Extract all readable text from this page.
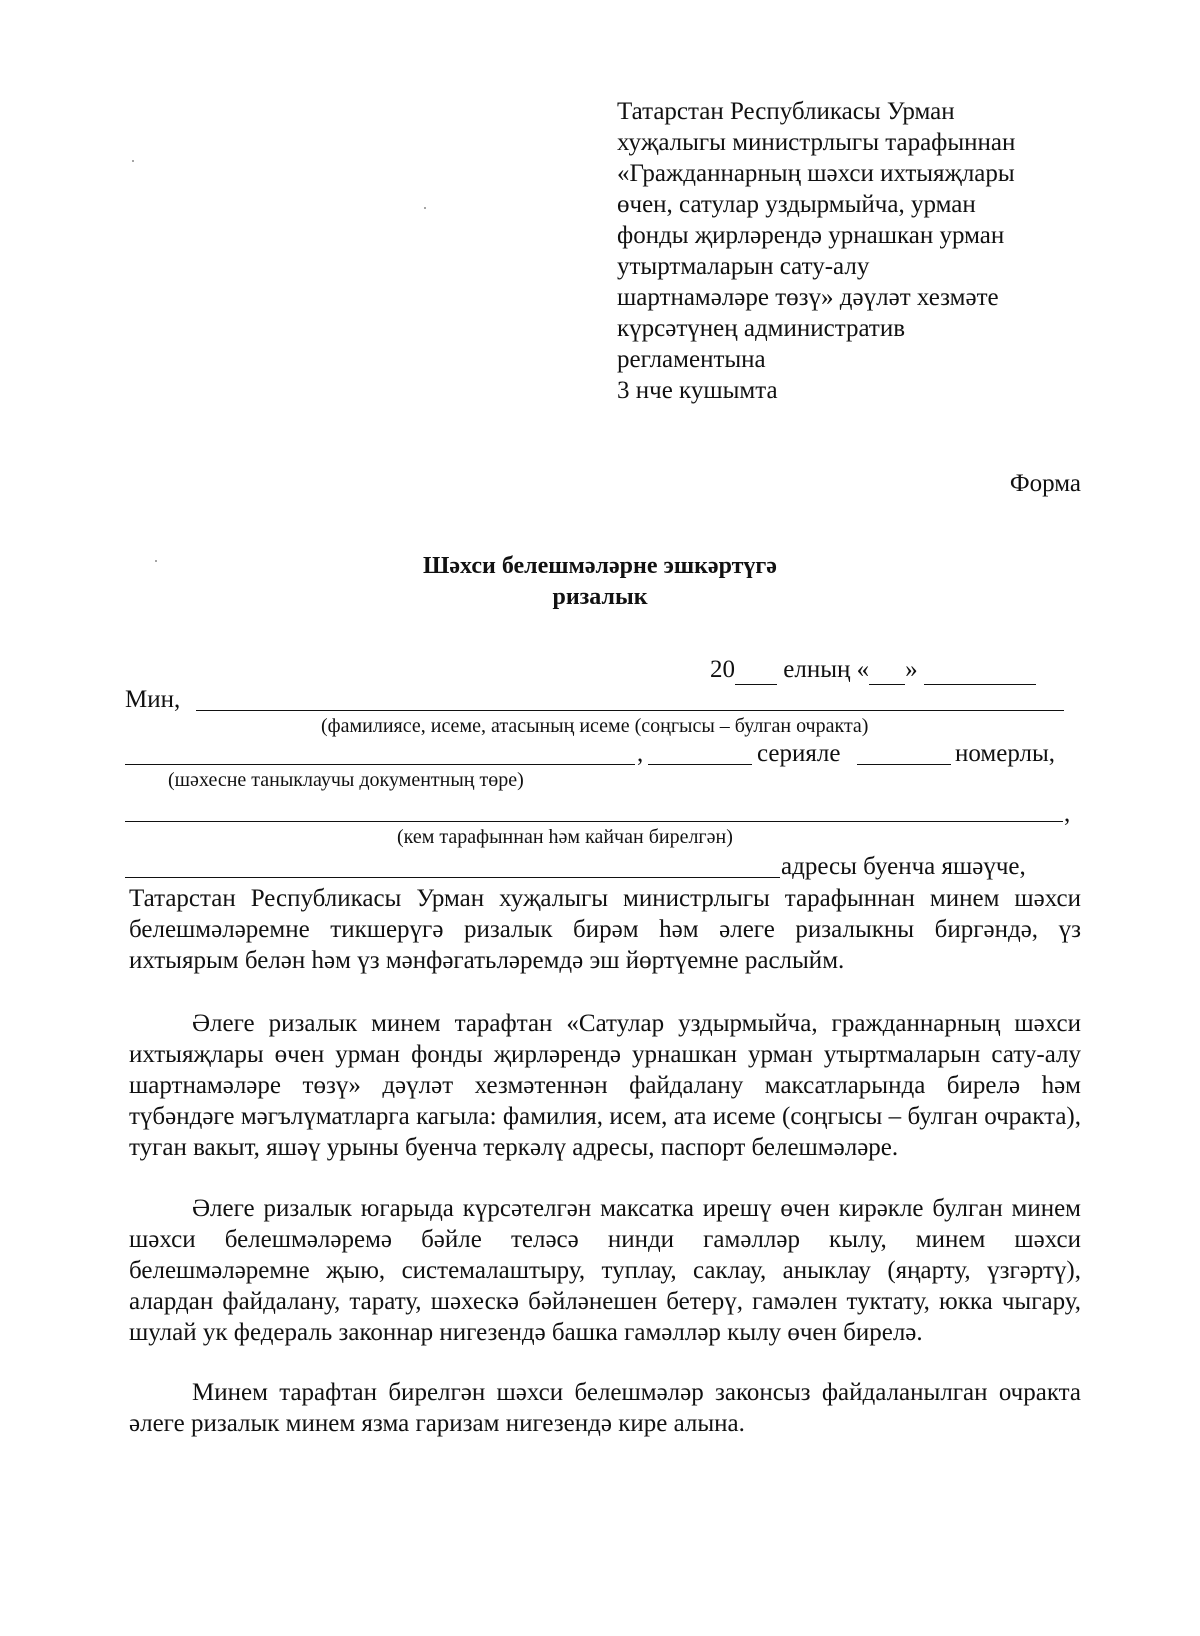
Татарстан Республикасы Урман
хуҗалыгы министрлыгы тарафыннан
«Гражданнарның шәхси ихтыяҗлары
өчен, сатулар уздырмыйча, урман
фонды җирләрендә урнашкан урман
утыртмаларын сату-алу
шартнамәләре төзү» дәүләт хезмәте
күрсәтүнең административ
регламентына
3 нче кушымта
Форма
Шәхси белешмәләрне эшкәртүгә
ризалык
20 елның « »
Мин,
(фамилиясе, исеме, атасының исеме (соңгысы – булган очракта)
,	серияле	номерлы,
(шәхесне таныклаучы документның төре)
,
(кем тарафыннан һәм кайчан бирелгән)
адресы буенча яшәүче,
Татарстан Республикасы Урман хуҗалыгы министрлыгы тарафыннан минем шәхси белешмәләремне тикшерүгә ризалык бирәм һәм әлеге ризалыкны биргәндә, үз ихтыярым белән һәм үз мәнфәгатьләремдә эш йөртүемне раслыйм.
Әлеге ризалык минем тарафтан «Сатулар уздырмыйча, гражданнарның шәхси ихтыяҗлары өчен урман фонды җирләрендә урнашкан урман утыртмаларын сату-алу шартнамәләре төзү» дәүләт хезмәтеннән файдалану максатларында бирелә һәм түбәндәге мәгълүматларга кагыла: фамилия, исем, ата исеме (соңгысы – булган очракта), туган вакыт, яшәү урыны буенча теркәлү адресы, паспорт белешмәләре.
Әлеге ризалык югарыда күрсәтелгән максатка ирешү өчен кирәкле булган минем шәхси белешмәләремә бәйле теләсә нинди гамәлләр кылу, минем шәхси белешмәләремне җыю, системалаштыру, туплау, саклау, аныклау (яңарту, үзгәртү), алардан файдалану, тарату, шәхескә бәйләнешен бетерү, гамәлен туктату, юкка чыгару, шулай ук федераль законнар нигезендә башка гамәлләр кылу өчен бирелә.
Минем тарафтан бирелгән шәхси белешмәләр законсыз файдаланылган очракта әлеге ризалык минем язма гаризам нигезендә кире алына.
